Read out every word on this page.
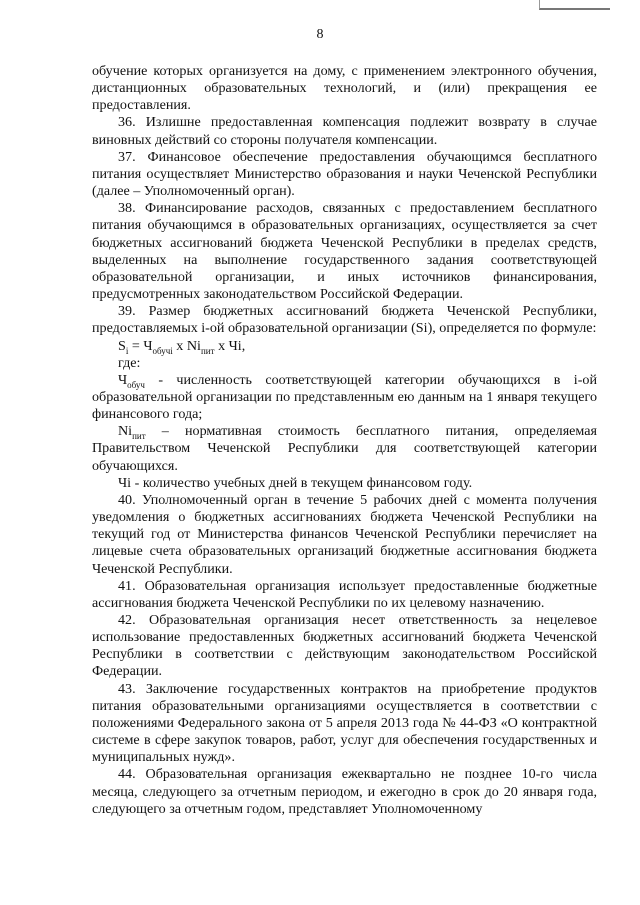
8

обучение которых организуется на дому, с применением электронного обучения, дистанционных образовательных технологий, и (или) прекращения ее предоставления.

36. Излишне предоставленная компенсация подлежит возврату в случае виновных действий со стороны получателя компенсации.

37. Финансовое обеспечение предоставления обучающимся бесплатного питания осуществляет Министерство образования и науки Чеченской Республики (далее – Уполномоченный орган).

38. Финансирование расходов, связанных с предоставлением бесплатного питания обучающимся в образовательных организациях, осуществляется за счет бюджетных ассигнований бюджета Чеченской Республики в пределах средств, выделенных на выполнение государственного задания соответствующей образовательной организации, и иных источников финансирования, предусмотренных законодательством Российской Федерации.

39. Размер бюджетных ассигнований бюджета Чеченской Республики, предоставляемых i-ой образовательной организации (Si), определяется по формуле:

$S_i = Ч_{обучi}$ х $Ni_{пит}$ х Чi,

где:

$Ч_{обуч}$ - численность соответствующей категории обучающихся в i-ой образовательной организации по представленным ею данным на 1 января текущего финансового года;

$Ni_{пит}$ – нормативная стоимость бесплатного питания, определяемая Правительством Чеченской Республики для соответствующей категории обучающихся.

Чi - количество учебных дней в текущем финансовом году.

40. Уполномоченный орган в течение 5 рабочих дней с момента получения уведомления о бюджетных ассигнованиях бюджета Чеченской Республики на текущий год от Министерства финансов Чеченской Республики перечисляет на лицевые счета образовательных организаций бюджетные ассигнования бюджета Чеченской Республики.

41. Образовательная организация использует предоставленные бюджетные ассигнования бюджета Чеченской Республики по их целевому назначению.

42. Образовательная организация несет ответственность за нецелевое использование предоставленных бюджетных ассигнований бюджета Чеченской Республики в соответствии с действующим законодательством Российской Федерации.

43. Заключение государственных контрактов на приобретение продуктов питания образовательными организациями осуществляется в соответствии с положениями Федерального закона от 5 апреля 2013 года № 44-ФЗ «О контрактной системе в сфере закупок товаров, работ, услуг для обеспечения государственных и муниципальных нужд».

44. Образовательная организация ежеквартально не позднее 10-го числа месяца, следующего за отчетным периодом, и ежегодно в срок до 20 января года, следующего за отчетным годом, представляет Уполномоченному
